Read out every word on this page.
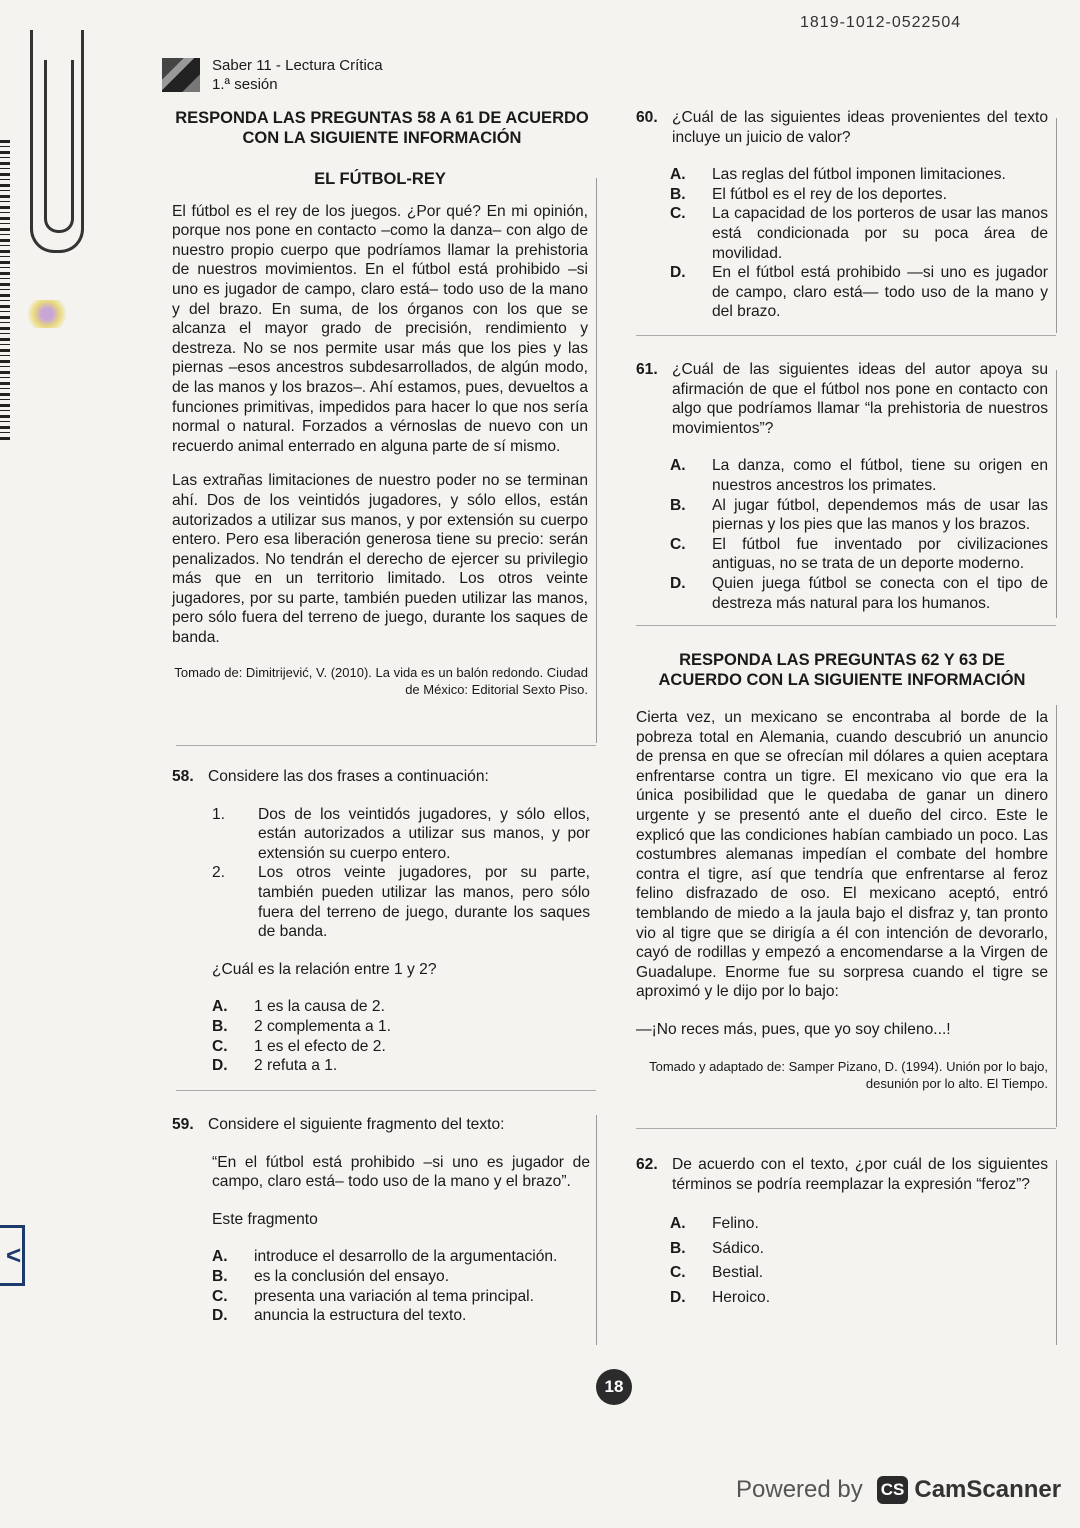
<
1819-1012-0522504
Saber 11 - Lectura Crítica
1.ª sesión
RESPONDA LAS PREGUNTAS 58 A 61 DE ACUERDO CON LA SIGUIENTE INFORMACIÓN
EL FÚTBOL-REY

El fútbol es el rey de los juegos. ¿Por qué? En mi opinión, porque nos pone en contacto –como la danza– con algo de nuestro propio cuerpo que podríamos llamar la prehistoria de nuestros movimientos. En el fútbol está prohibido –si uno es jugador de campo, claro está– todo uso de la mano y del brazo. En suma, de los órganos con los que se alcanza el mayor grado de precisión, rendimiento y destreza. No se nos permite usar más que los pies y las piernas –esos ancestros subdesarrollados, de algún modo, de las manos y los brazos–. Ahí estamos, pues, devueltos a funciones primitivas, impedidos para hacer lo que nos sería normal o natural. Forzados a vérnoslas de nuevo con un recuerdo animal enterrado en alguna parte de sí mismo.

Las extrañas limitaciones de nuestro poder no se terminan ahí. Dos de los veintidós jugadores, y sólo ellos, están autorizados a utilizar sus manos, y por extensión su cuerpo entero. Pero esa liberación generosa tiene su precio: serán penalizados. No tendrán el derecho de ejercer su privilegio más que en un territorio limitado. Los otros veinte jugadores, por su parte, también pueden utilizar las manos, pero sólo fuera del terreno de juego, durante los saques de banda.

Tomado de: Dimitrijević, V. (2010). La vida es un balón redondo. Ciudad de México: Editorial Sexto Piso.
58. Considere las dos frases a continuación:
1.	Dos de los veintidós jugadores, y sólo ellos, están autorizados a utilizar sus manos, y por extensión su cuerpo entero.

2.	Los otros veinte jugadores, por su parte, también pueden utilizar las manos, pero sólo fuera del terreno de juego, durante los saques de banda.

¿Cuál es la relación entre 1 y 2?
A.	1 es la causa de 2.
B.	2 complementa a 1.
C.	1 es el efecto de 2.
D.	2 refuta a 1.
59. Considere el siguiente fragmento del texto:

“En el fútbol está prohibido –si uno es jugador de campo, claro está– todo uso de la mano y el brazo”.

Este fragmento
A.	introduce el desarrollo de la argumentación.
B.	es la conclusión del ensayo.
C.	presenta una variación al tema principal.
D.	anuncia la estructura del texto.
60. ¿Cuál de las siguientes ideas provenientes del texto incluye un juicio de valor?

A.	Las reglas del fútbol imponen limitaciones.

B.	El fútbol es el rey de los deportes.

C.	La capacidad de los porteros de usar las manos está condicionada por su poca área de movilidad.

D.	En el fútbol está prohibido —si uno es jugador de campo, claro está— todo uso de la mano y del brazo.

61. ¿Cuál de las siguientes ideas del autor apoya su afirmación de que el fútbol nos pone en contacto con algo que podríamos llamar “la prehistoria de nuestros movimientos”?

A.	La danza, como el fútbol, tiene su origen en nuestros ancestros los primates.

B.	Al jugar fútbol, dependemos más de usar las piernas y los pies que las manos y los brazos.

C.	El fútbol fue inventado por civilizaciones antiguas, no se trata de un deporte moderno.

D.	Quien juega fútbol se conecta con el tipo de destreza más natural para los humanos.

RESPONDA LAS PREGUNTAS 62 Y 63 DE ACUERDO CON LA SIGUIENTE INFORMACIÓN

Cierta vez, un mexicano se encontraba al borde de la pobreza total en Alemania, cuando descubrió un anuncio de prensa en que se ofrecían mil dólares a quien aceptara enfrentarse contra un tigre. El mexicano vio que era la única posibilidad que le quedaba de ganar un dinero urgente y se presentó ante el dueño del circo. Este le explicó que las condiciones habían cambiado un poco. Las costumbres alemanas impedían el combate del hombre contra el tigre, así que tendría que enfrentarse al feroz felino disfrazado de oso. El mexicano aceptó, entró temblando de miedo a la jaula bajo el disfraz y, tan pronto vio al tigre que se dirigía a él con intención de devorarlo, cayó de rodillas y empezó a encomendarse a la Virgen de Guadalupe. Enorme fue su sorpresa cuando el tigre se aproximó y le dijo por lo bajo:

—¡No reces más, pues, que yo soy chileno...!

Tomado y adaptado de: Samper Pizano, D. (1994). Unión por lo bajo, desunión por lo alto. El Tiempo.
62. De acuerdo con el texto, ¿por cuál de los siguientes términos se podría reemplazar la expresión “feroz”?

A.	Felino.
B.	Sádico.
C.	Bestial.
D.	Heroico.
18
Powered by CS CamScanner
